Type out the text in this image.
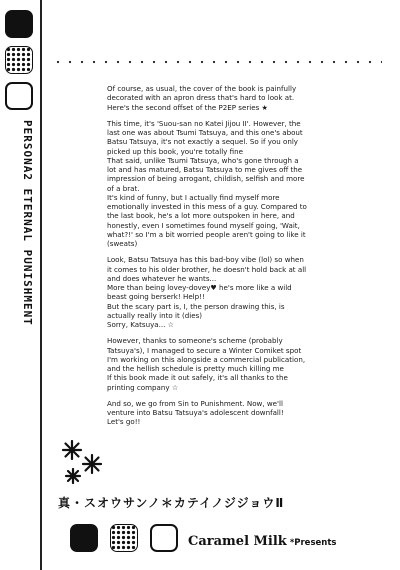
PERSONA2 ETERNAL PUNISHMENT
Of course, as usual, the cover of the book is painfully
decorated with an apron dress that's hard to look at.
Here's the second offset of the P2EP series ★
This time, it's 'Suou-san no Katei Jijou II'. However, the
last one was about Tsumi Tatsuya, and this one's about
Batsu Tatsuya, it's not exactly a sequel. So if you only
picked up this book, you're totally fine
That said, unlike Tsumi Tatsuya, who's gone through a
lot and has matured, Batsu Tatsuya to me gives off the
impression of being arrogant, childish, selfish and more
of a brat.
It's kind of funny, but I actually find myself more
emotionally invested in this mess of a guy. Compared to
the last book, he's a lot more outspoken in here, and
honestly, even I sometimes found myself going, 'Wait,
what?!' so I'm a bit worried people aren't going to like it
(sweats)
Look, Batsu Tatsuya has this bad-boy vibe (lol) so when
it comes to his older brother, he doesn't hold back at all
and does whatever he wants...
More than being lovey-dovey♥ he's more like a wild
beast going berserk! Help!!
But the scary part is, I, the person drawing this, is
actually really into it (dies)
Sorry, Katsuya... ☆
However, thanks to someone's scheme (probably
Tatsuya's), I managed to secure a Winter Comiket spot
I'm working on this alongside a commercial publication,
and the hellish schedule is pretty much killing me
If this book made it out safely, it's all thanks to the
printing company ☆
And so, we go from Sin to Punishment. Now, we'll
venture into Batsu Tatsuya's adolescent downfall!
Let's go!!
真・スオウサンノ＊カテイノジジョウⅡ
Caramel Milk *Presents
